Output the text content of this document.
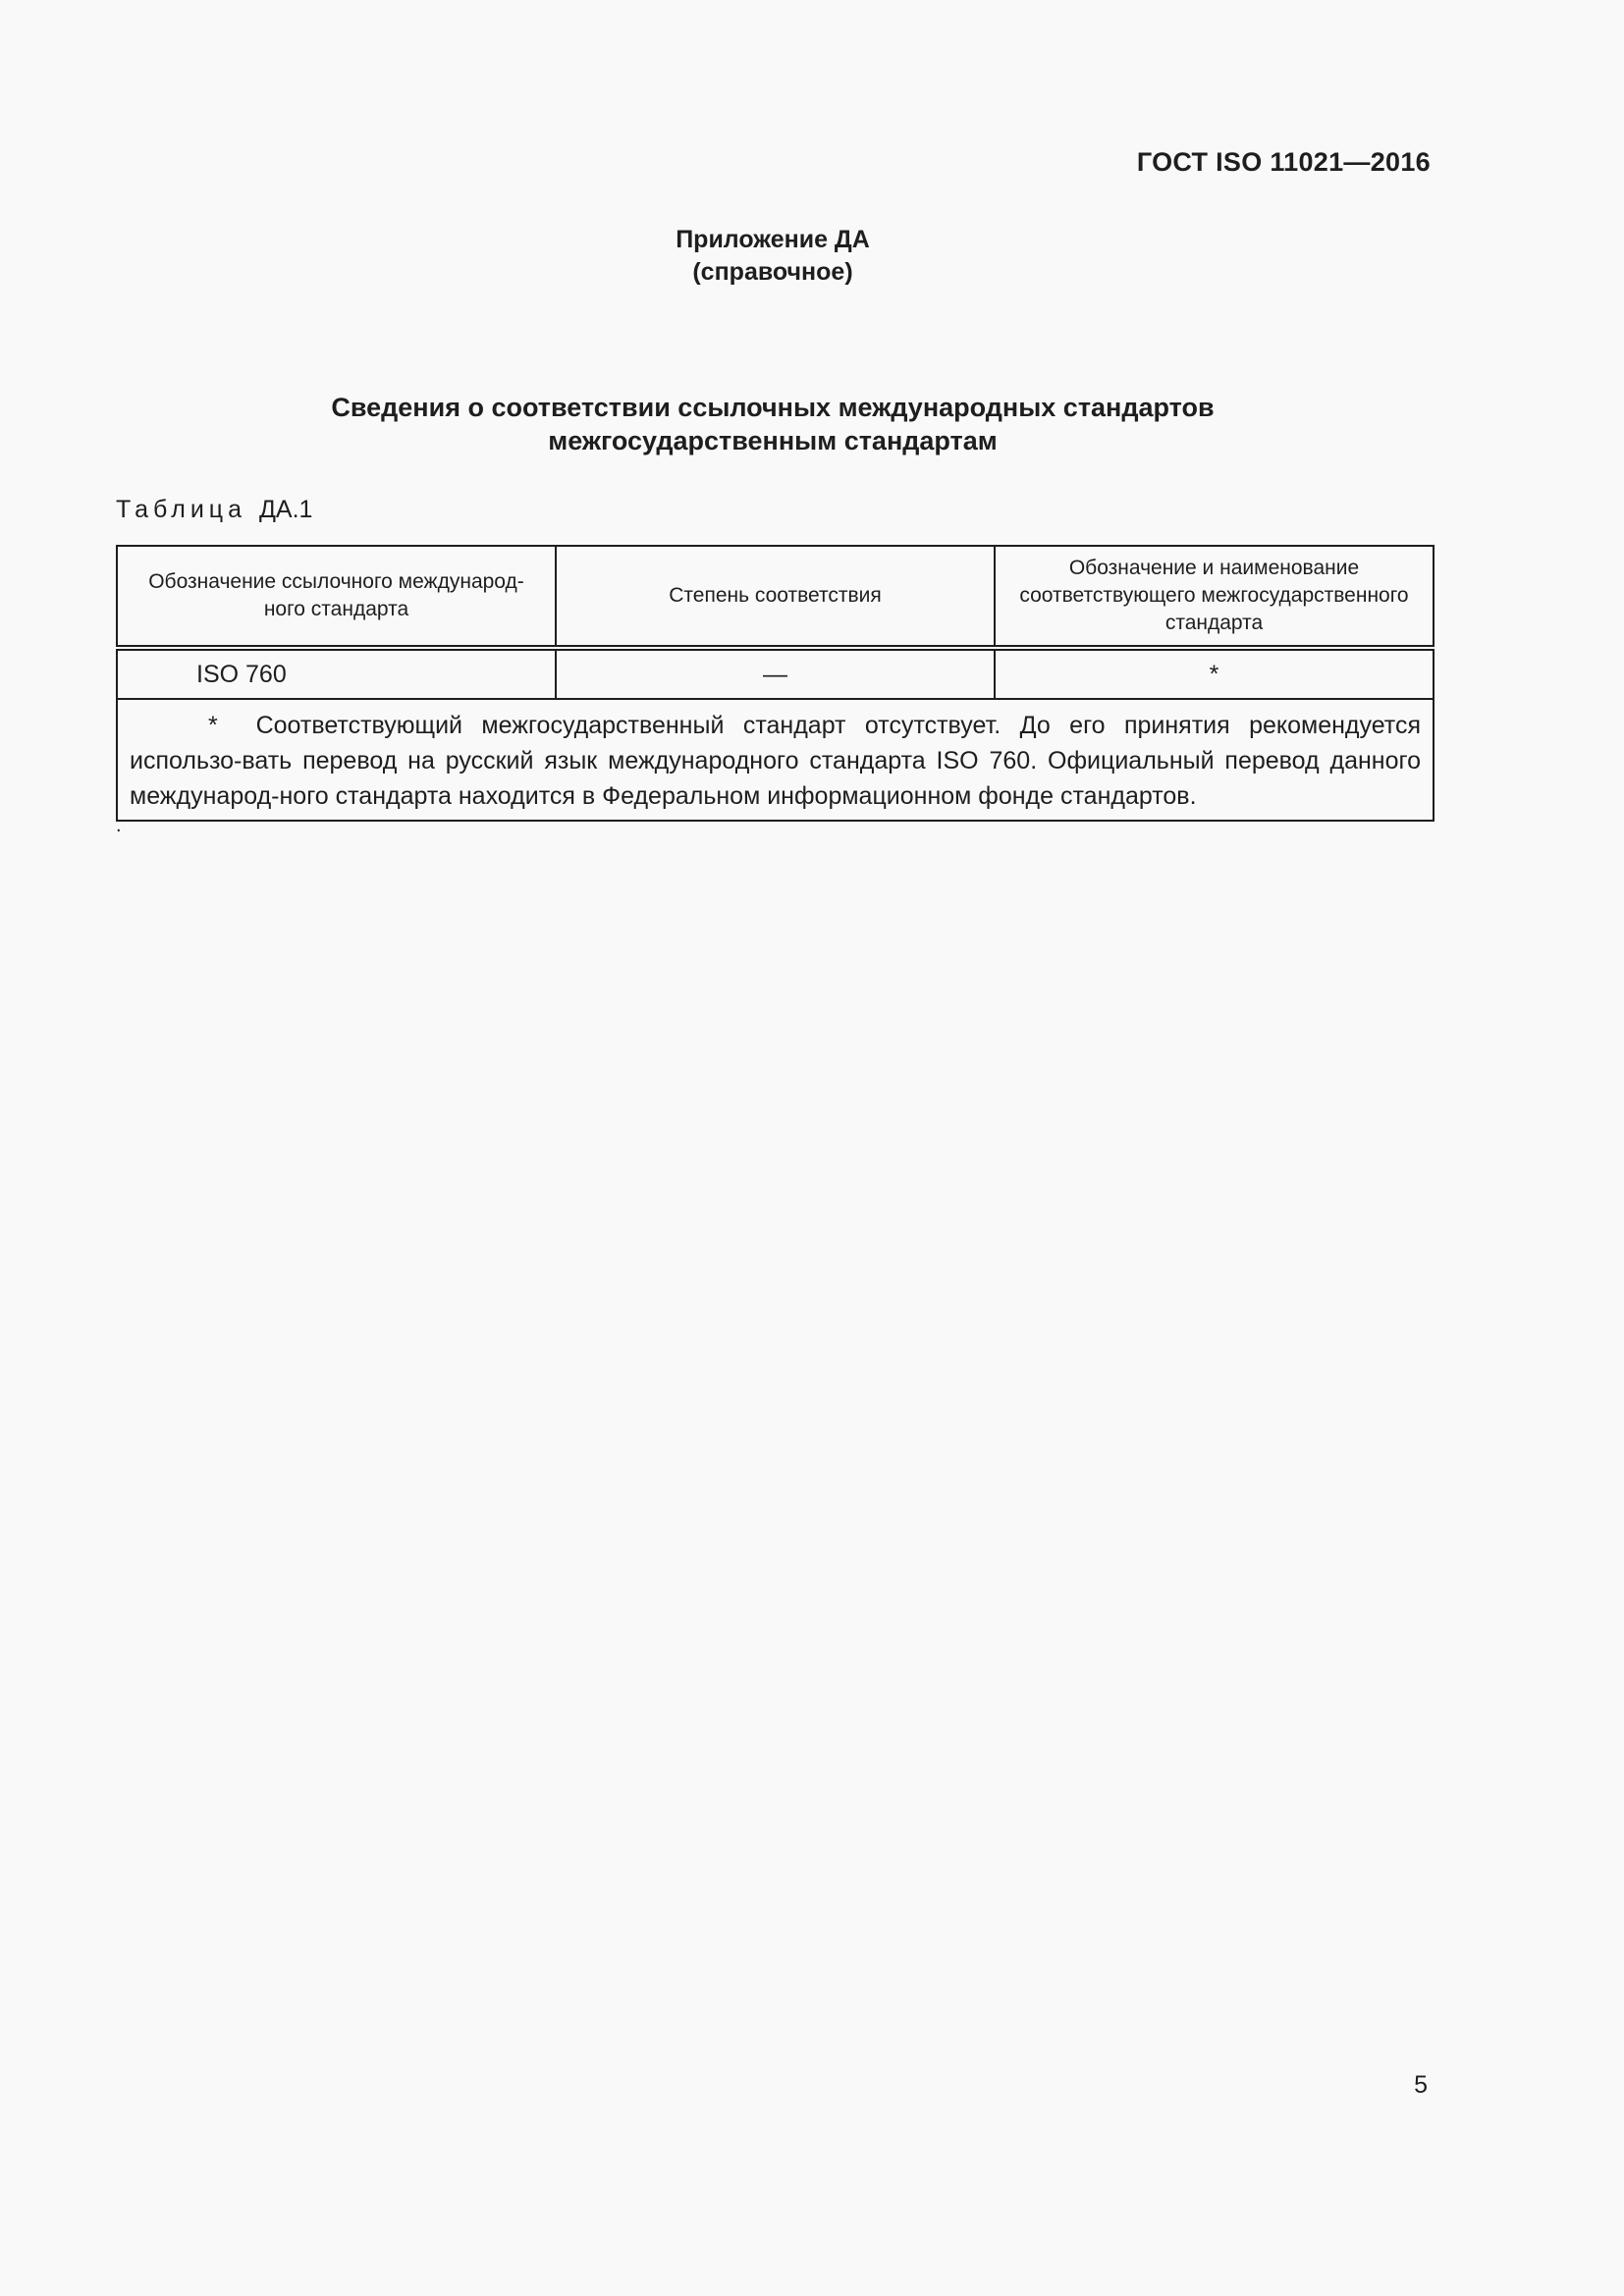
ГОСТ ISO 11021—2016
Приложение ДА
(справочное)
Сведения о соответствии ссылочных международных стандартов
межгосударственным стандартам
Таблица ДА.1
Обозначение ссылочного международ-ного стандарта	Степень соответствия	Обозначение и наименование соответствующего межгосударственного стандарта
ISO 760	—	*
* Соответствующий межгосударственный стандарт отсутствует. До его принятия рекомендуется использо-вать перевод на русский язык международного стандарта ISO 760. Официальный перевод данного международ-ного стандарта находится в Федеральном информационном фонде стандартов.		
.
5
